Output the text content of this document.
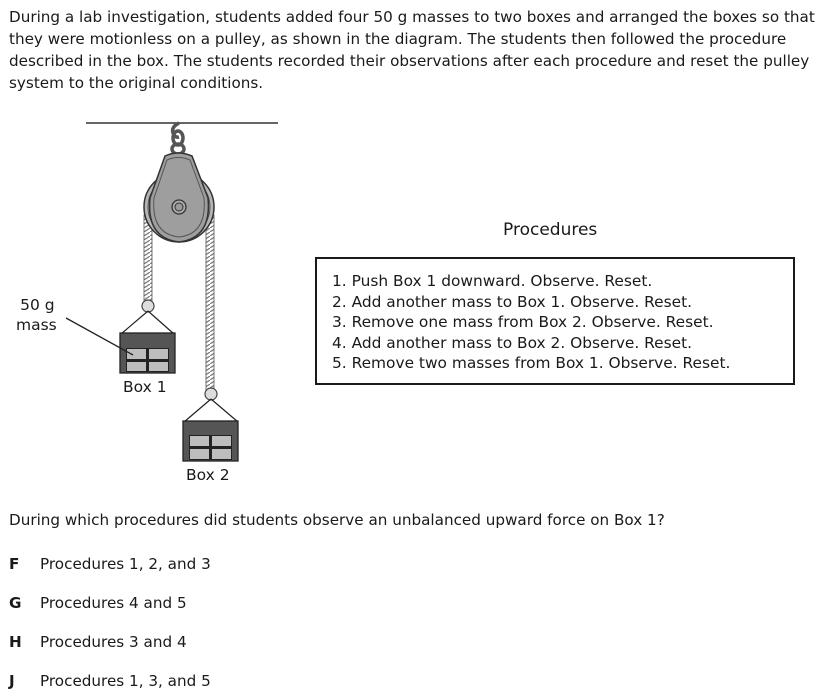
During a lab investigation, students added four 50 g masses to two boxes and arranged the boxes so that they were motionless on a pulley, as shown in the diagram. The students then followed the procedure described in the box. The students recorded their observations after each procedure and reset the pulley system to the original conditions.

50 g
mass
Box 1
Box 2
Procedures
1. Push Box 1 downward. Observe. Reset.
2. Add another mass to Box 1. Observe. Reset.
3. Remove one mass from Box 2. Observe. Reset.
4. Add another mass to Box 2. Observe. Reset.
5. Remove two masses from Box 1. Observe. Reset.
During which procedures did students observe an unbalanced upward force on Box 1?
F Procedures 1, 2, and 3
G Procedures 4 and 5
H Procedures 3 and 4
J Procedures 1, 3, and 5
